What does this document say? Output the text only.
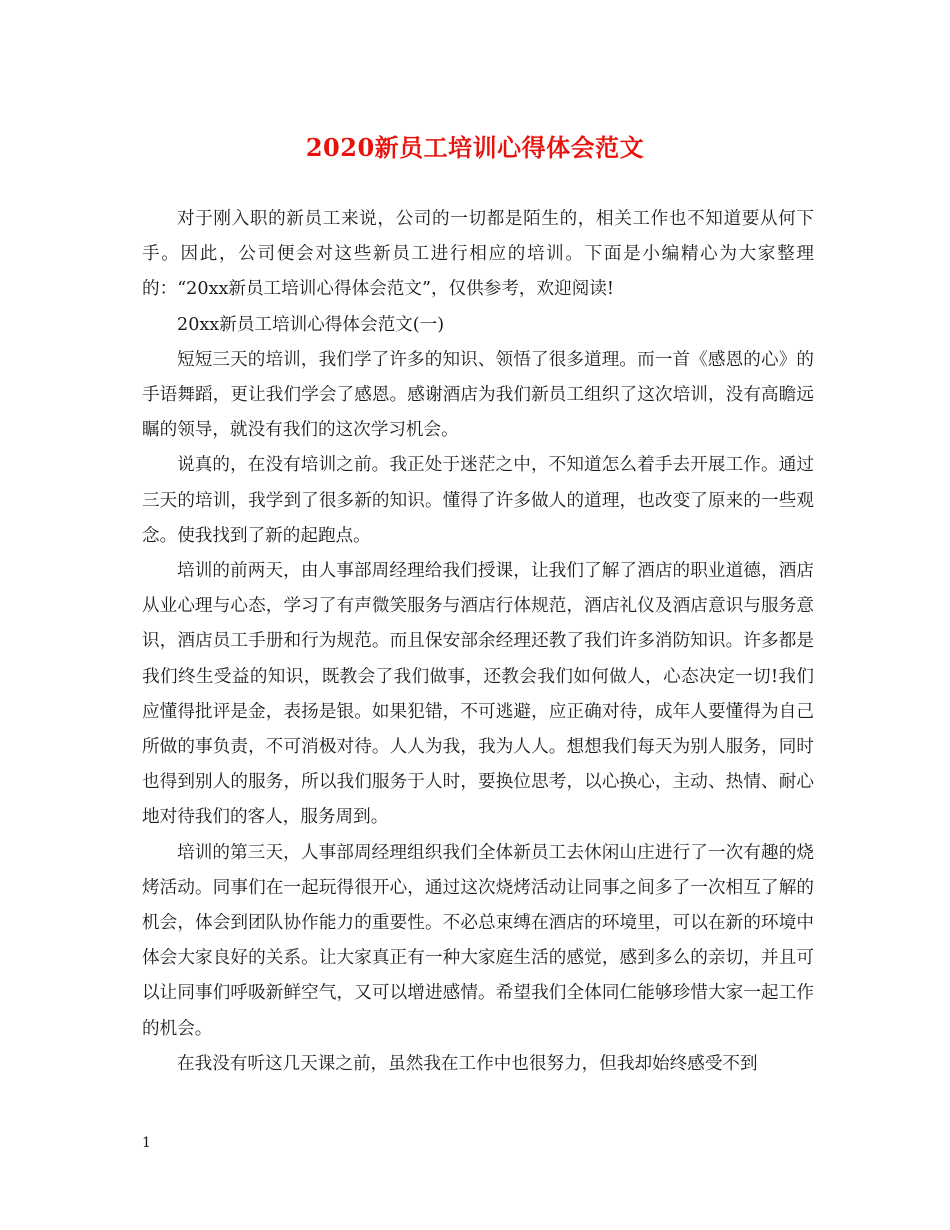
2020新员工培训心得体会范文

对于刚入职的新员工来说，公司的一切都是陌生的，相关工作也不知道要从何下手。因此，公司便会对这些新员工进行相应的培训。下面是小编精心为大家整理的：“20xx新员工培训心得体会范文”，仅供参考，欢迎阅读!

20xx新员工培训心得体会范文(一)

短短三天的培训，我们学了许多的知识、领悟了很多道理。而一首《感恩的心》的手语舞蹈，更让我们学会了感恩。感谢酒店为我们新员工组织了这次培训，没有高瞻远瞩的领导，就没有我们的这次学习机会。

说真的，在没有培训之前。我正处于迷茫之中，不知道怎么着手去开展工作。通过三天的培训，我学到了很多新的知识。懂得了许多做人的道理，也改变了原来的一些观念。使我找到了新的起跑点。

培训的前两天，由人事部周经理给我们授课，让我们了解了酒店的职业道德，酒店从业心理与心态，学习了有声微笑服务与酒店行体规范，酒店礼仪及酒店意识与服务意识，酒店员工手册和行为规范。而且保安部余经理还教了我们许多消防知识。许多都是我们终生受益的知识，既教会了我们做事，还教会我们如何做人，心态决定一切!我们应懂得批评是金，表扬是银。如果犯错，不可逃避，应正确对待，成年人要懂得为自己所做的事负责，不可消极对待。人人为我，我为人人。想想我们每天为别人服务，同时也得到别人的服务，所以我们服务于人时，要换位思考，以心换心，主动、热情、耐心地对待我们的客人，服务周到。

培训的第三天，人事部周经理组织我们全体新员工去休闲山庄进行了一次有趣的烧烤活动。同事们在一起玩得很开心，通过这次烧烤活动让同事之间多了一次相互了解的机会，体会到团队协作能力的重要性。不必总束缚在酒店的环境里，可以在新的环境中体会大家良好的关系。让大家真正有一种大家庭生活的感觉，感到多么的亲切，并且可以让同事们呼吸新鲜空气，又可以增进感情。希望我们全体同仁能够珍惜大家一起工作的机会。

在我没有听这几天课之前，虽然我在工作中也很努力，但我却始终感受不到

1
